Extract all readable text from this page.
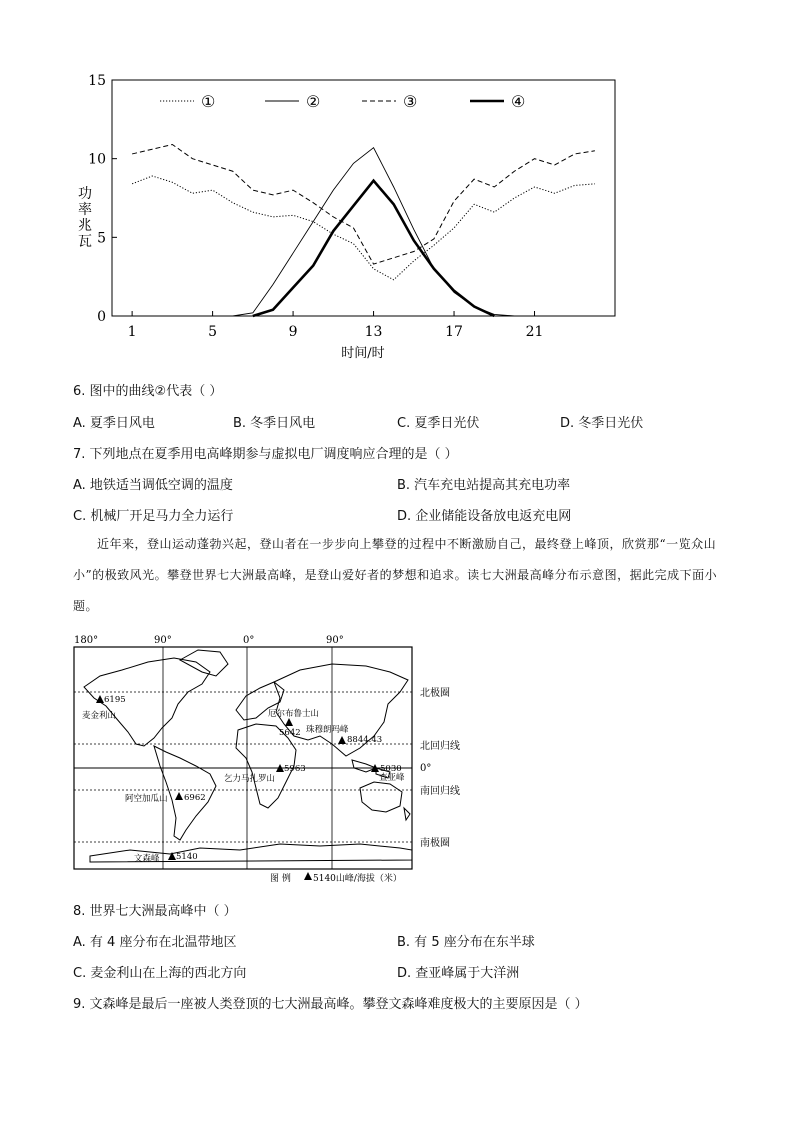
0
5
10
15
1	5	9	13	17	21
①	②	③	④
功率兆瓦
时间/时
6. 图中的曲线②代表（ ）
A. 夏季日风电	B. 冬季日风电	C. 夏季日光伏	D. 冬季日光伏
7. 下列地点在夏季用电高峰期参与虚拟电厂调度响应合理的是（ ）
A. 地铁适当调低空调的温度	B. 汽车充电站提高其充电功率
C. 机械厂开足马力全力运行	D. 企业储能设备放电返充电网
近年来，登山运动蓬勃兴起，登山者在一步步向上攀登的过程中不断激励自己，最终登上峰顶，欣赏那“一览众山小”的极致风光。攀登世界七大洲最高峰，是登山爱好者的梦想和追求。读七大洲最高峰分布示意图，据此完成下面小题。
180°	90°	0°	90°
北极圈
北回归线
0°
南回归线
南极圈
6195
麦金利山	厄尔布鲁士山
5642 珠穆朗玛峰
8844.43
5963
乞力马扎罗山
5030
查亚峰
阿空加瓜山 6962
文森峰 5140
图 例 5140山峰/海拔（米）
8. 世界七大洲最高峰中（ ）
A. 有 4 座分布在北温带地区	B. 有 5 座分布在东半球
C. 麦金利山在上海的西北方向	D. 查亚峰属于大洋洲
9. 文森峰是最后一座被人类登顶的七大洲最高峰。攀登文森峰难度极大的主要原因是（ ）
